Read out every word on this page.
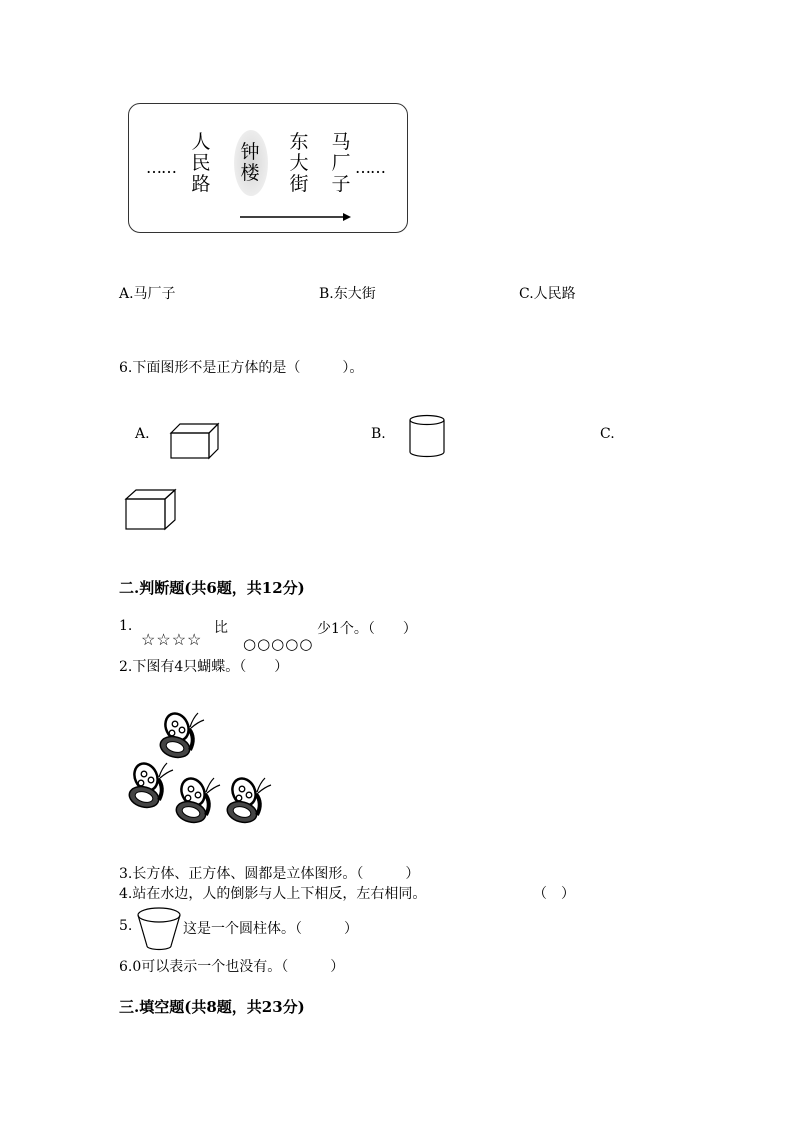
……
人民路
钟楼
东大街
马厂子
……
A.马厂子	B.东大街	C.人民路
6.下面图形不是正方体的是（　　　）。
A.	B.	C.
二.判断题(共6题，共12分)
1.
☆☆☆☆
比
○○○○○
少1个。（　　）
2.下图有4只蝴蝶。（　　）
3.长方体、正方体、圆都是立体图形。（　　　）
4.站在水边，人的倒影与人上下相反，左右相同。	（　）
5.	这是一个圆柱体。（　　　）
6.0可以表示一个也没有。（　　　）
三.填空题(共8题，共23分)
